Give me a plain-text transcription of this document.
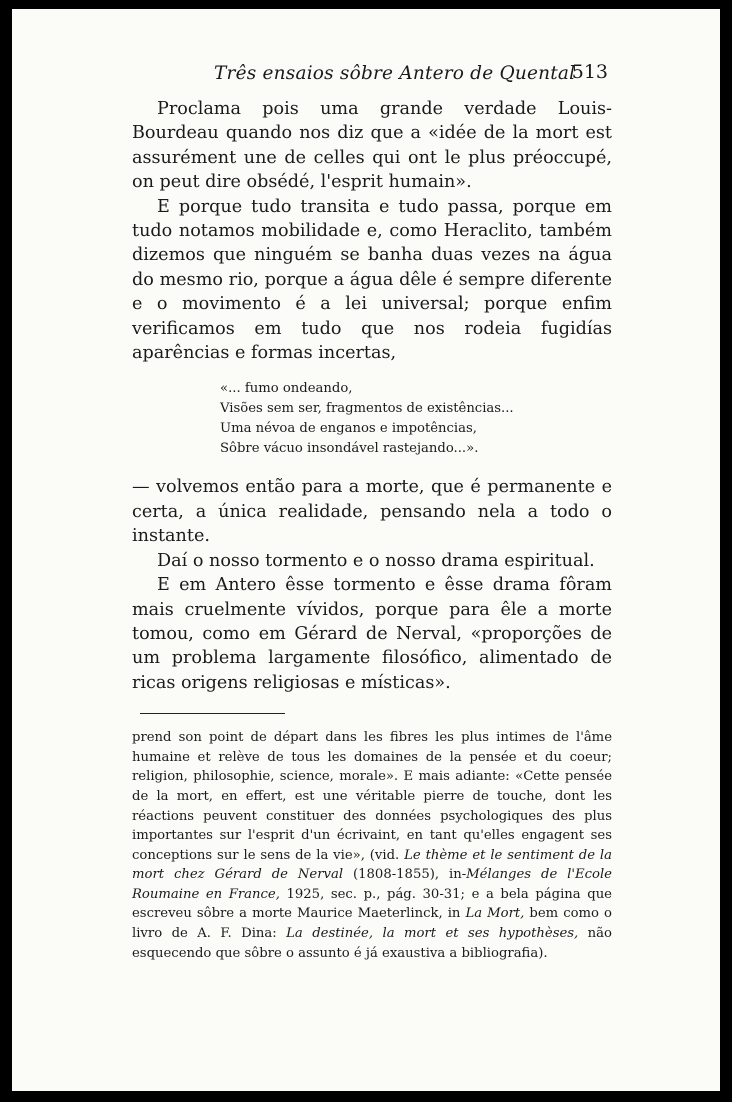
Três ensaios sôbre Antero de Quental
513

Proclama pois uma grande verdade Louis-Bourdeau quando nos diz que a «idée de la mort est assurément une de celles qui ont le plus préoccupé, on peut dire obsédé, l'esprit humain».

E porque tudo transita e tudo passa, porque em tudo notamos mobilidade e, como Heraclito, também dizemos que ninguém se banha duas vezes na água do mesmo rio, porque a água dêle é sempre diferente e o movimento é a lei universal; porque enfim verificamos em tudo que nos rodeia fugidías aparências e formas incertas,

«... fumo ondeando,
Visões sem ser, fragmentos de existências...
Uma névoa de enganos e impotências,
Sôbre vácuo insondável rastejando...».

— volvemos então para a morte, que é permanente e certa, a única realidade, pensando nela a todo o instante.

Daí o nosso tormento e o nosso drama espiritual.

E em Antero êsse tormento e êsse drama fôram mais cruelmente vívidos, porque para êle a morte tomou, como em Gérard de Nerval, «proporções de um problema largamente filosófico, alimentado de ricas origens religiosas e místicas».

prend son point de départ dans les fibres les plus intimes de l'âme humaine et relève de tous les domaines de la pensée et du coeur; religion, philosophie, science, morale». E mais adiante: «Cette pensée de la mort, en effert, est une véritable pierre de touche, dont les réactions peuvent constituer des données psychologiques des plus importantes sur l'esprit d'un écrivaint, en tant qu'elles engagent ses conceptions sur le sens de la vie», (vid. Le thème et le sentiment de la mort chez Gérard de Nerval (1808-1855), in-Mélanges de l'Ecole Roumaine en France, 1925, sec. p., pág. 30-31; e a bela página que escreveu sôbre a morte Maurice Maeterlinck, in La Mort, bem como o livro de A. F. Dina: La destinée, la mort et ses hypothèses, não esquecendo que sôbre o assunto é já exaustiva a bibliografia).
